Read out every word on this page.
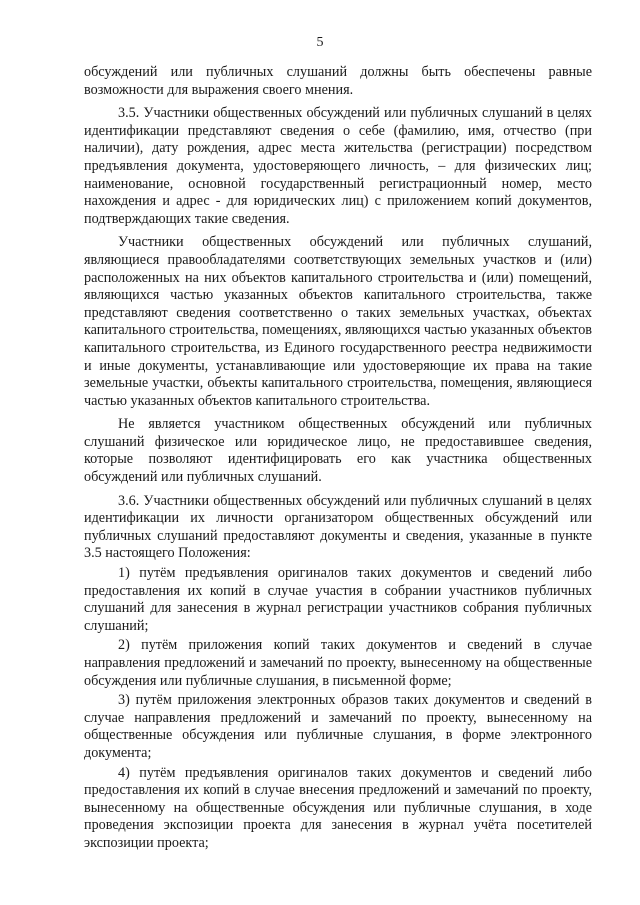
5

обсуждений или публичных слушаний должны быть обеспечены равные возможности для выражения своего мнения.

3.5. Участники общественных обсуждений или публичных слушаний в целях идентификации представляют сведения о себе (фамилию, имя, отчество (при наличии), дату рождения, адрес места жительства (регистрации) посредством предъявления документа, удостоверяющего личность, – для физических лиц; наименование, основной государственный регистрационный номер, место нахождения и адрес - для юридических лиц) с приложением копий документов, подтверждающих такие сведения.

Участники общественных обсуждений или публичных слушаний, являющиеся правообладателями соответствующих земельных участков и (или) расположенных на них объектов капитального строительства и (или) помещений, являющихся частью указанных объектов капитального строительства, также представляют сведения соответственно о таких земельных участках, объектах капитального строительства, помещениях, являющихся частью указанных объектов капитального строительства, из Единого государственного реестра недвижимости и иные документы, устанавливающие или удостоверяющие их права на такие земельные участки, объекты капитального строительства, помещения, являющиеся частью указанных объектов капитального строительства.

Не является участником общественных обсуждений или публичных слушаний физическое или юридическое лицо, не предоставившее сведения, которые позволяют идентифицировать его как участника общественных обсуждений или публичных слушаний.

3.6. Участники общественных обсуждений или публичных слушаний в целях идентификации их личности организатором общественных обсуждений или публичных слушаний предоставляют документы и сведения, указанные в пункте 3.5 настоящего Положения:

1) путём предъявления оригиналов таких документов и сведений либо предоставления их копий в случае участия в собрании участников публичных слушаний для занесения в журнал регистрации участников собрания публичных слушаний;

2) путём приложения копий таких документов и сведений в случае направления предложений и замечаний по проекту, вынесенному на общественные обсуждения или публичные слушания, в письменной форме;

3) путём приложения электронных образов таких документов и сведений в случае направления предложений и замечаний по проекту, вынесенному на общественные обсуждения или публичные слушания, в форме электронного документа;

4) путём предъявления оригиналов таких документов и сведений либо предоставления их копий в случае внесения предложений и замечаний по проекту, вынесенному на общественные обсуждения или публичные слушания, в ходе проведения экспозиции проекта для занесения в журнал учёта посетителей экспозиции проекта;
